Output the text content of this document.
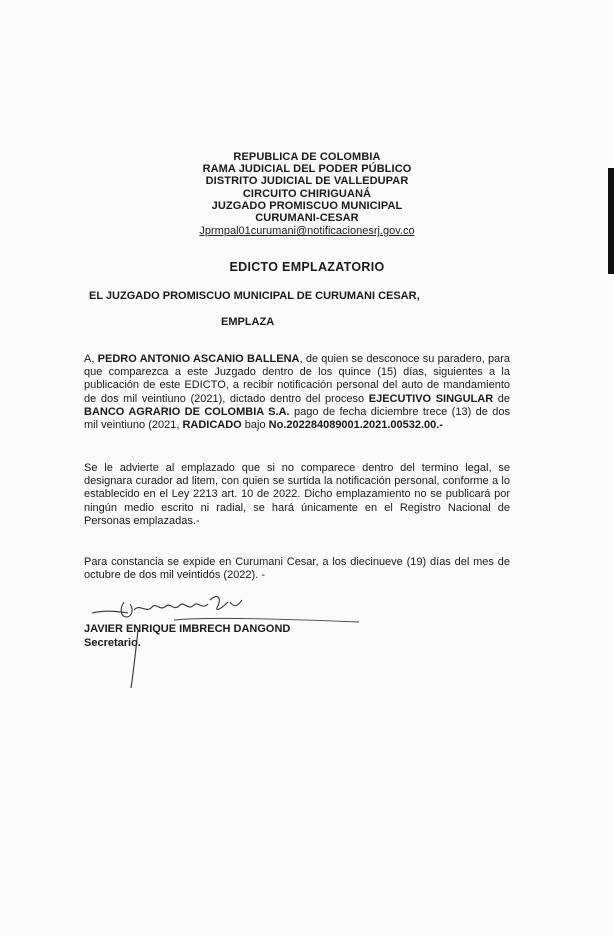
REPUBLICA DE COLOMBIA
RAMA JUDICIAL DEL PODER PÚBLICO
DISTRITO JUDICIAL DE VALLEDUPAR
CIRCUITO CHIRIGUANÁ
JUZGADO PROMISCUO MUNICIPAL
CURUMANI-CESAR
Jprmpal01curumani@notificacionesrj.gov.co
EDICTO EMPLAZATORIO
EL JUZGADO PROMISCUO MUNICIPAL DE CURUMANI CESAR,
EMPLAZA
A, PEDRO ANTONIO ASCANIO BALLENA, de quien se desconoce su paradero, para que comparezca a este Juzgado dentro de los quince (15) días, siguientes a la publicación de este EDICTO, a recibir notificación personal del auto de mandamiento de dos mil veintiuno (2021), dictado dentro del proceso EJECUTIVO SINGULAR de BANCO AGRARIO DE COLOMBIA S.A. pago de fecha diciembre trece (13) de dos mil veintiuno (2021, RADICADO bajo No.202284089001.2021.00532.00.-
Se le advierte al emplazado que si no comparece dentro del termino legal, se designara curador ad litem, con quien se surtida la notificación personal, conforme a lo establecido en el Ley 2213 art. 10 de 2022. Dicho emplazamiento no se publicará por ningún medio escrito ni radial, se hará únicamente en el Registro Nacional de Personas emplazadas.-
Para constancia se expide en Curumani Cesar, a los diecinueve (19) días del mes de octubre de dos mil veintidós (2022). -
JAVIER ENRIQUE IMBRECH DANGOND
Secretario.
